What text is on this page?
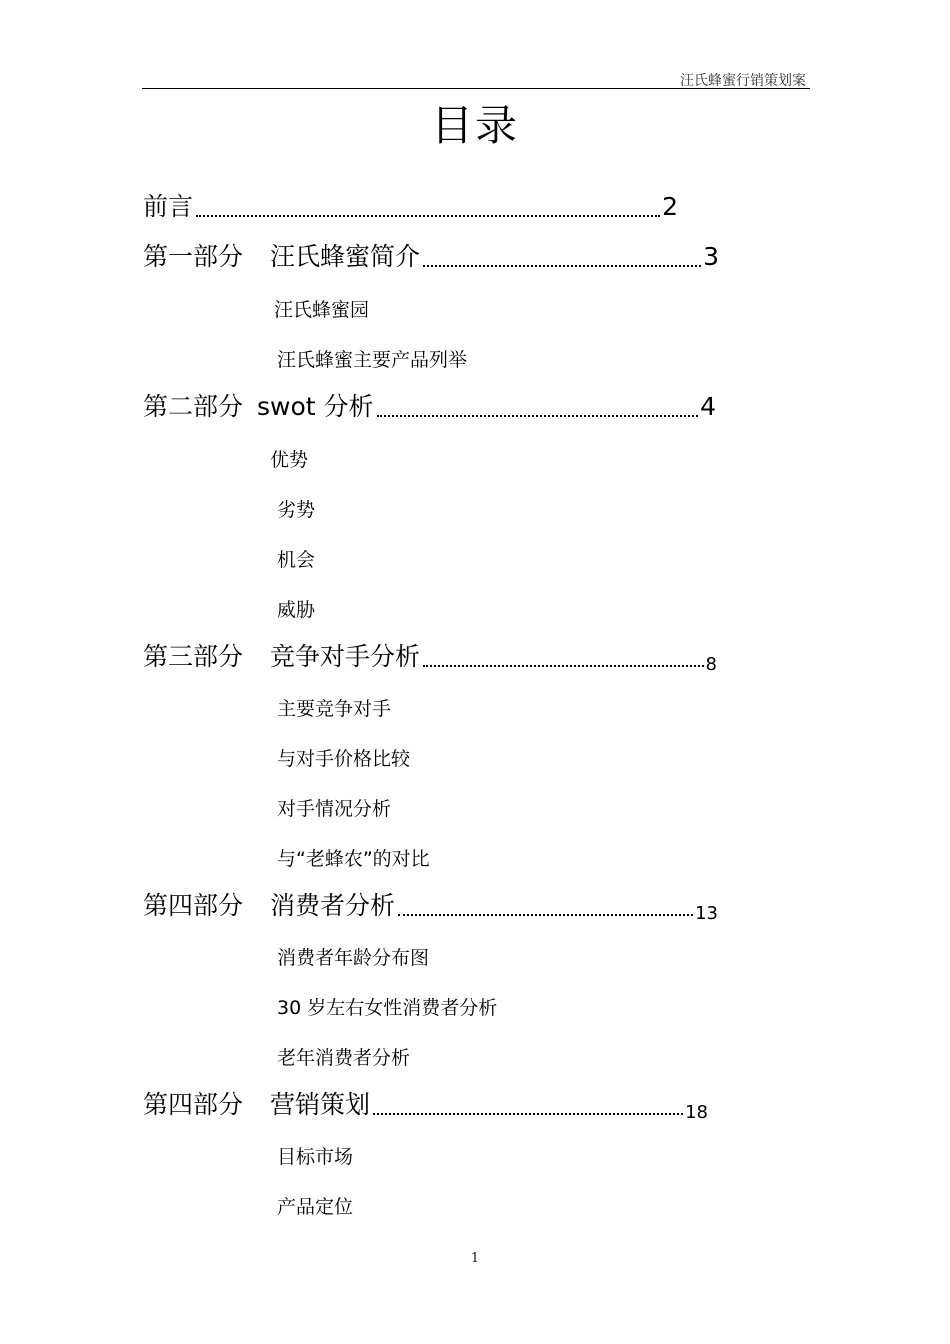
汪氏蜂蜜行销策划案
目录
前言	2
第一部分	汪氏蜂蜜简介	3
汪氏蜂蜜园
汪氏蜂蜜主要产品列举
第二部分 swot 分析	4
优势
劣势
机会
威胁
第三部分	竞争对手分析	8
主要竞争对手
与对手价格比较
对手情况分析
与“老蜂农”的对比
第四部分	消费者分析	13
消费者年龄分布图
30 岁左右女性消费者分析
老年消费者分析
第四部分	营销策划	18
目标市场
产品定位
1
